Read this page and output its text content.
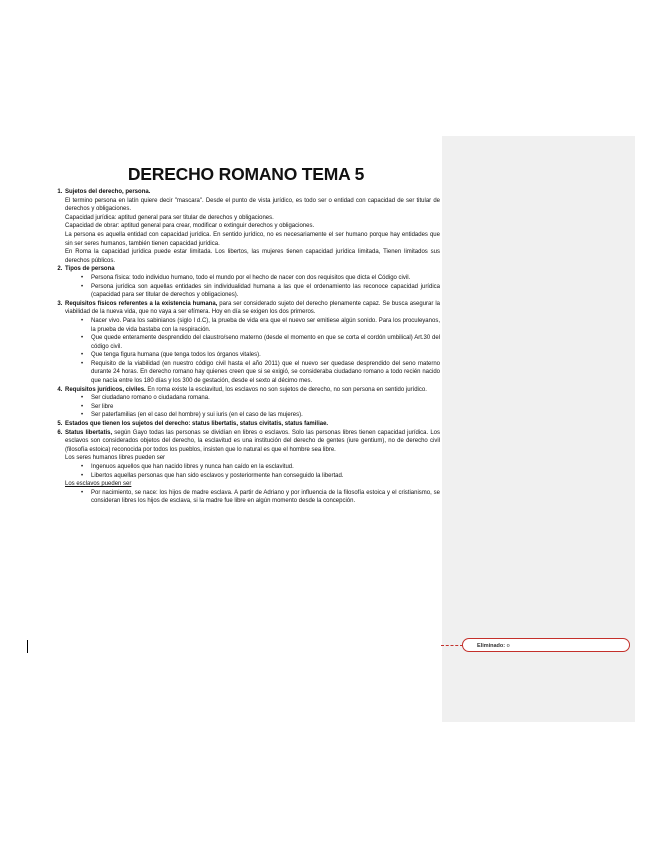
DERECHO ROMANO TEMA 5
1. Sujetos del derecho, persona.
El termino persona en latín quiere decir "mascara". Desde el punto de vista jurídico, es todo ser o entidad con capacidad de ser titular de derechos y obligaciones.
Capacidad jurídica: aptitud general para ser titular de derechos y obligaciones.
Capacidad de obrar: aptitud general para crear, modificar o extinguir derechos y obligaciones.
La persona es aquella entidad con capacidad jurídica. En sentido jurídico, no es necesariamente el ser humano porque hay entidades que sin ser seres humanos, también tienen capacidad jurídica.
En Roma la capacidad jurídica puede estar limitada. Los libertos, las mujeres tienen capacidad jurídica limitada, Tienen limitados sus derechos públicos.
2. Tipos de persona
• Persona física: todo individuo humano, todo el mundo por el hecho de nacer con dos requisitos que dicta el Código civil.
• Persona jurídica son aquellas entidades sin individualidad humana a las que el ordenamiento las reconoce capacidad jurídica (capacidad para ser titular de derechos y obligaciones).
3. Requisitos físicos referentes a la existencia humana, para ser considerado sujeto del derecho plenamente capaz. Se busca asegurar la viabilidad de la nueva vida, que no vaya a ser efímera. Hoy en día se exigen los dos primeros.
• Nacer vivo. Para los sabinianos (siglo I d.C), la prueba de vida era que el nuevo ser emitiese algún sonido. Para los proculeyanos, la prueba de vida bastaba con la respiración.
• Que quede enteramente desprendido del claustro/seno materno (desde el momento en que se corta el cordón umbilical) Art.30 del código civil.
• Que tenga figura humana (que tenga todos los órganos vitales).
• Requisito de la viabilidad (en nuestro código civil hasta el año 2011) que el nuevo ser quedase desprendido del seno materno durante 24 horas. En derecho romano hay quienes creen que si se exigió, se consideraba ciudadano romano a todo recién nacido que nacía entre los 180 días y los 300 de gestación, desde el sexto al décimo mes.
4. Requisitos jurídicos, civiles. En roma existe la esclavitud, los esclavos no son sujetos de derecho, no son persona en sentido jurídico.
• Ser ciudadano romano o ciudadana romana.
• Ser libre
• Ser paterfamilias (en el caso del hombre) y sui iuris (en el caso de las mujeres).
5. Estados que tienen los sujetos del derecho: status libertatis, status civitatis, status familiae.
6. Status libertatis, según Gayo todas las personas se dividían en libres o esclavos. Solo las personas libres tienen capacidad jurídica. Los esclavos son considerados objetos del derecho, la esclavitud es una institución del derecho de gentes (iure gentium), no de derecho civil (filosofía estoica) reconocida por todos los pueblos, insisten que lo natural es que el hombre sea libre.
Los seres humanos libres pueden ser
• Ingenuos aquellos que han nacido libres y nunca han caído en la esclavitud.
• Libertos aquellas personas que han sido esclavos y posteriormente han conseguido la libertad.
Los esclavos pueden ser
• Por nacimiento, se nace: los hijos de madre esclava. A partir de Adriano y por influencia de la filosofía estoica y el cristianismo, se consideran libres los hijos de esclava, si la madre fue libre en algún momento desde la concepción.
Eliminado: o
